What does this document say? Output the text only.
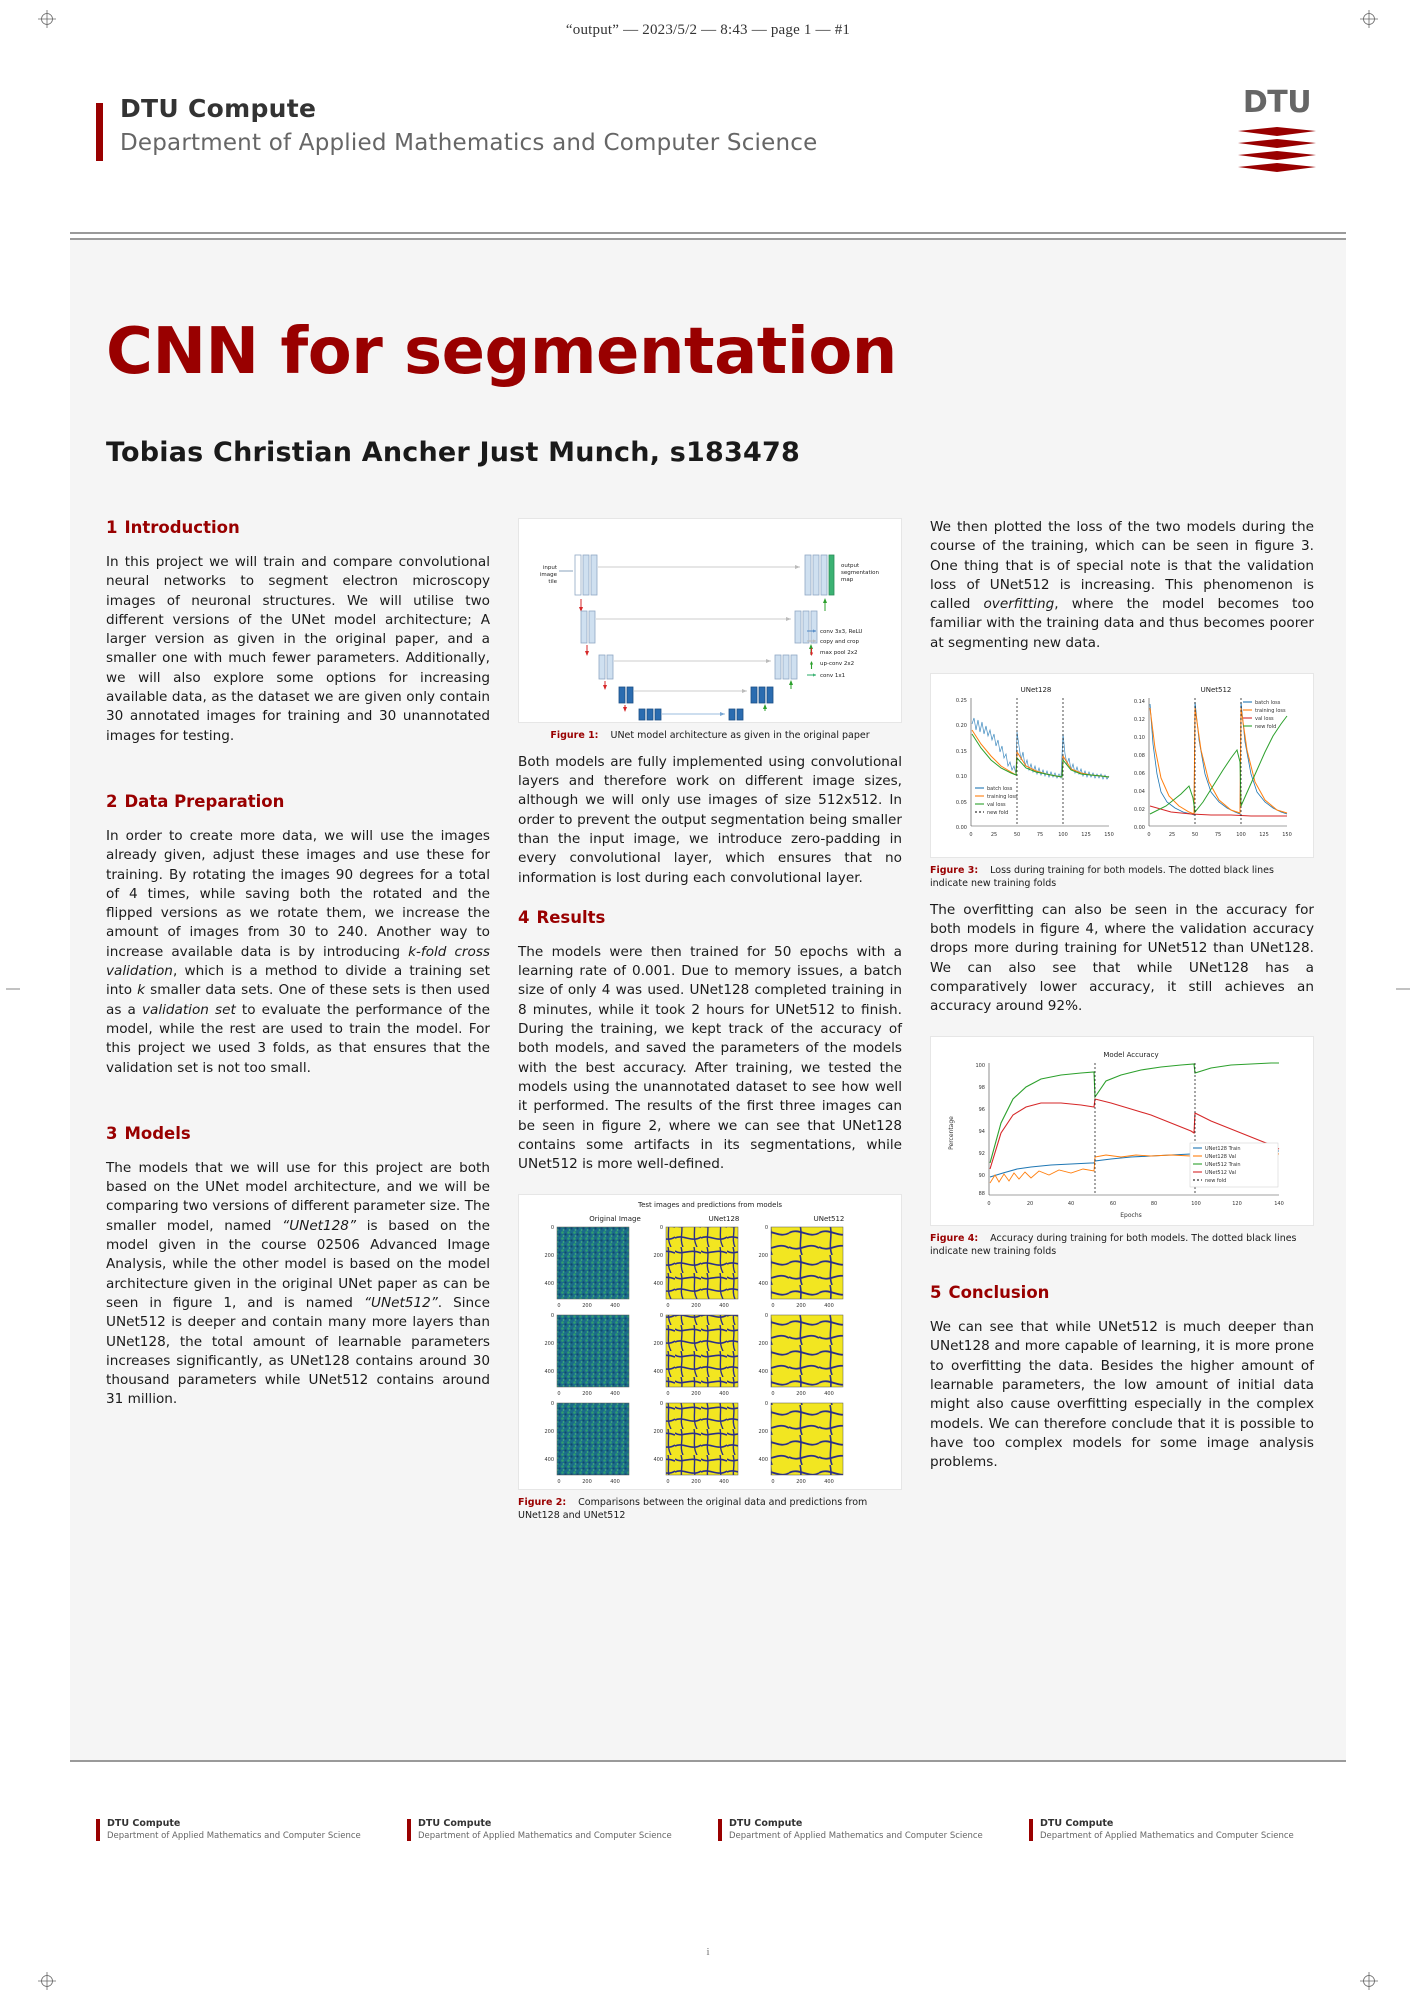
“output” — 2023/5/2 — 8:43 — page 1 — #1
i
DTU Compute
Department of Applied Mathematics and Computer Science
DTU
CNN for segmentation
Tobias Christian Ancher Just Munch, s183478
1 Introduction

In this project we will train and compare convolutional neural networks to segment electron microscopy images of neuronal structures. We will utilise two different versions of the UNet model architecture; A larger version as given in the original paper, and a smaller one with much fewer parameters. Additionally, we will also explore some options for increasing available data, as the dataset we are given only contain 30 annotated images for training and 30 unannotated images for testing.

2 Data Preparation

In order to create more data, we will use the images already given, adjust these images and use these for training. By rotating the images 90 degrees for a total of 4 times, while saving both the rotated and the flipped versions as we rotate them, we increase the amount of images from 30 to 240. Another way to increase available data is by introducing k-fold cross validation, which is a method to divide a training set into k smaller data sets. One of these sets is then used as a validation set to evaluate the performance of the model, while the rest are used to train the model. For this project we used 3 folds, as that ensures that the validation set is not too small.

3 Models

The models that we will use for this project are both based on the UNet model architecture, and we will be comparing two versions of different parameter size. The smaller model, named “UNet128” is based on the model given in the course 02506 Advanced Image Analysis, while the other model is based on the model architecture given in the original UNet paper as can be seen in figure 1, and is named “UNet512”. Since UNet512 is deeper and contain many more layers than UNet128, the total amount of learnable parameters increases significantly, as UNet128 contains around 30 thousand parameters while UNet512 contains around 31 million.

input
image
tile
output
segmentation
map
conv 3x3, ReLU
copy and crop
max pool 2x2
up-conv 2x2
conv 1x1
Figure 1: UNet model architecture as given in the original paper

Both models are fully implemented using convolutional layers and therefore work on different image sizes, although we will only use images of size 512x512. In order to prevent the output segmentation being smaller than the input image, we introduce zero-padding in every convolutional layer, which ensures that no information is lost during each convolutional layer.

4 Results

The models were then trained for 50 epochs with a learning rate of 0.001. Due to memory issues, a batch size of only 4 was used. UNet128 completed training in 8 minutes, while it took 2 hours for UNet512 to finish. During the training, we kept track of the accuracy of both models, and saved the parameters of the models with the best accuracy. After training, we tested the models using the unannotated dataset to see how well it performed. The results of the first three images can be seen in figure 2, where we can see that UNet128 contains some artifacts in its segmentations, while UNet512 is more well-defined.

Test images and predictions from models
Original Image	UNet128	UNet512
0
200
400
0
200
400
0
200
400
0	200	400	0	200	400	0	200	400
0
200
400
0
200
400
0
200
400
0	200	400	0	200	400	0	200	400
0
200
400
0
200
400
0
200
400
0	200	400	0	200	400	0	200	400
Figure 2: Comparisons between the original data and predictions from UNet128 and UNet512

We then plotted the loss of the two models during the course of the training, which can be seen in figure 3. One thing that is of special note is that the validation loss of UNet512 is increasing. This phenomenon is called overfitting, where the model becomes too familiar with the training data and thus becomes poorer at segmenting new data.

UNet128	UNet512
0.00
0.05
0.10
0.15
0.20
0.25
0	25	50	75	100	125	150
batch loss
training loss
val loss
new fold
0.00
0.02
0.04
0.06
0.08
0.10
0.12
0.14
0	25	50	75	100	125	150
batch loss
training loss
val loss
new fold
Figure 3: Loss during training for both models. The dotted black lines indicate new training folds

The overfitting can also be seen in the accuracy for both models in figure 4, where the validation accuracy drops more during training for UNet512 than UNet128. We can also see that while UNet128 has a comparatively lower accuracy, it still achieves an accuracy around 92%.

Model Accuracy
100
98
96
94
92
90
88
0	20	40	60	80	100	120	140
Epochs
Percentage	UNet128 Train
UNet128 Val
UNet512 Train
UNet512 Val
new fold
Figure 4: Accuracy during training for both models. The dotted black lines indicate new training folds
5 Conclusion

We can see that while UNet512 is much deeper than UNet128 and more capable of learning, it is more prone to overfitting the data. Besides the higher amount of learnable parameters, the low amount of initial data might also cause overfitting especially in the complex models. We can therefore conclude that it is possible to have too complex models for some image analysis problems.

DTU Compute
Department of Applied Mathematics and Computer Science
DTU Compute
Department of Applied Mathematics and Computer Science
DTU Compute
Department of Applied Mathematics and Computer Science
DTU Compute
Department of Applied Mathematics and Computer Science
